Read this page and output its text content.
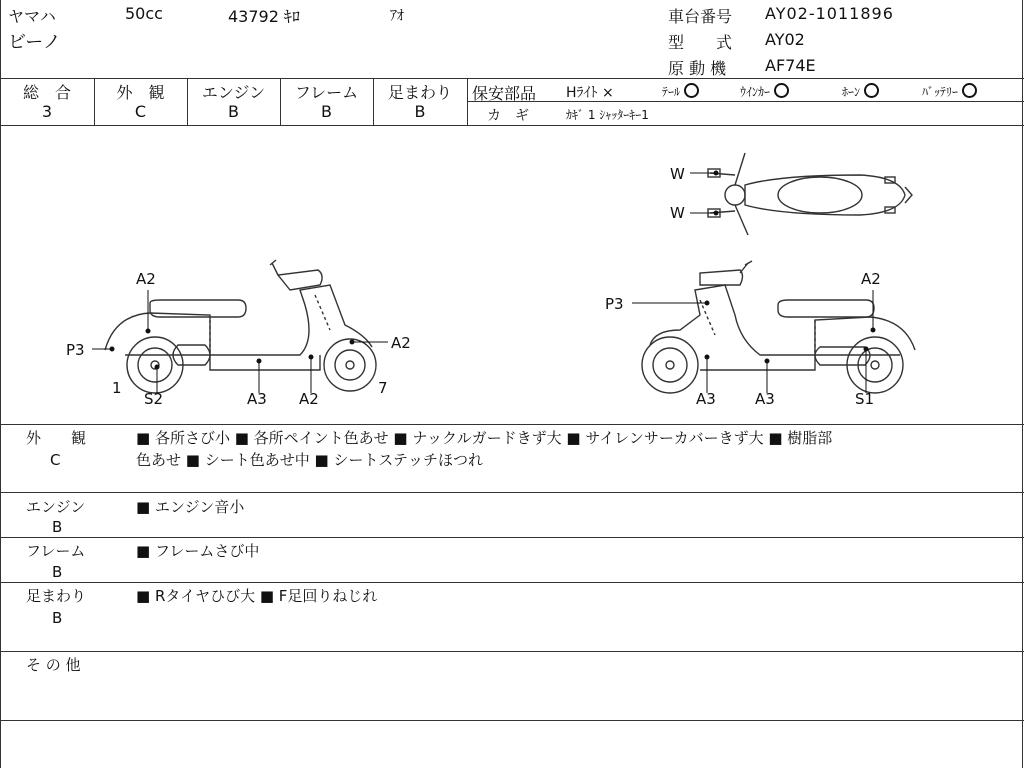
ヤマハ
ビーノ
50cc	43792 ｷﾛ	ｱｵ	車台番号 AY02-1011896
型　　式 AY02
原 動 機 AF74E
総　合
3
外　観
C
エンジン
B
フレーム
B
足まわり
B
保安部品 Hﾗｲﾄ ×	ﾃｰﾙ	ｳｲﾝｶｰ	ﾎｰﾝ	ﾊﾞｯﾃﾘｰ
カ　ギ	ｶｷﾞ 1 ｼｬｯﾀｰｷｰ1
A2
P3
1
S2	A3 A2
A2
7
P3
A2
A3	A3	S1
W
W
外　　観
C
■ 各所さび小 ■ 各所ペイント色あせ ■ ナックルガードきず大 ■ サイレンサーカバーきず大 ■ 樹脂部
色あせ ■ シート色あせ中 ■ シートステッチほつれ
エンジン
B
■ エンジン音小
フレーム
B
■ フレームさび中
足まわり
B
■ Rタイヤひび大 ■ F足回りねじれ
そ の 他
